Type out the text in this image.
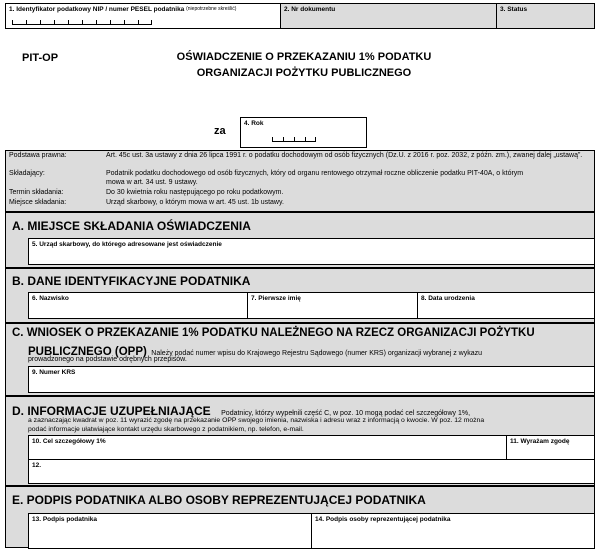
1. Identyfikator podatkowy NIP / numer PESEL podatnika $^{(niepotrzebne skreślić)}$	2. Nr dokumentu	3. Status
PIT-OP	OŚWIADCZENIE O PRZEKAZANIU 1% PODATKU
ORGANIZACJI POŻYTKU PUBLICZNEGO
za
4. Rok
Podstawa prawna:	Art. 45c ust. 3a ustawy z dnia 26 lipca 1991 r. o podatku dochodowym od osób fizycznych (Dz.U. z 2016 r. poz. 2032, z późn. zm.), zwanej dalej „ustawą”.
Składający:	Podatnik podatku dochodowego od osób fizycznych, który od organu rentowego otrzymał roczne obliczenie podatku PIT-40A, o którym mowa w art. 34 ust. 9 ustawy.
Termin składania:	Do 30 kwietnia roku następującego po roku podatkowym.
Miejsce składania:	Urząd skarbowy, o którym mowa w art. 45 ust. 1b ustawy.
A. MIEJSCE SKŁADANIA OŚWIADCZENIA
5. Urząd skarbowy, do którego adresowane jest oświadczenie
B. DANE IDENTYFIKACYJNE PODATNIKA
6. Nazwisko	7. Pierwsze imię	8. Data urodzenia
C. WNIOSEK O PRZEKAZANIE 1% PODATKU NALEŻNEGO NA RZECZ ORGANIZACJI POŻYTKU
PUBLICZNEGO (OPP) Należy podać numer wpisu do Krajowego Rejestru Sądowego (numer KRS) organizacji wybranej z wykazu
prowadzonego na podstawie odrębnych przepisów.
9. Numer KRS
D. INFORMACJE UZUPEŁNIAJĄCE Podatnicy, którzy wypełnili część C, w poz. 10 mogą podać cel szczegółowy 1%,
a zaznaczając kwadrat w poz. 11 wyrazić zgodę na przekazanie OPP swojego imienia, nazwiska i adresu wraz z informacją o kwocie. W poz. 12 można
podać informacje ułatwiające kontakt urzędu skarbowego z podatnikiem, np. telefon, e-mail.
10. Cel szczegółowy 1%	11. Wyrażam zgodę
12.
E. PODPIS PODATNIKA ALBO OSOBY REPREZENTUJĄCEJ PODATNIKA
13. Podpis podatnika	14. Podpis osoby reprezentującej podatnika
